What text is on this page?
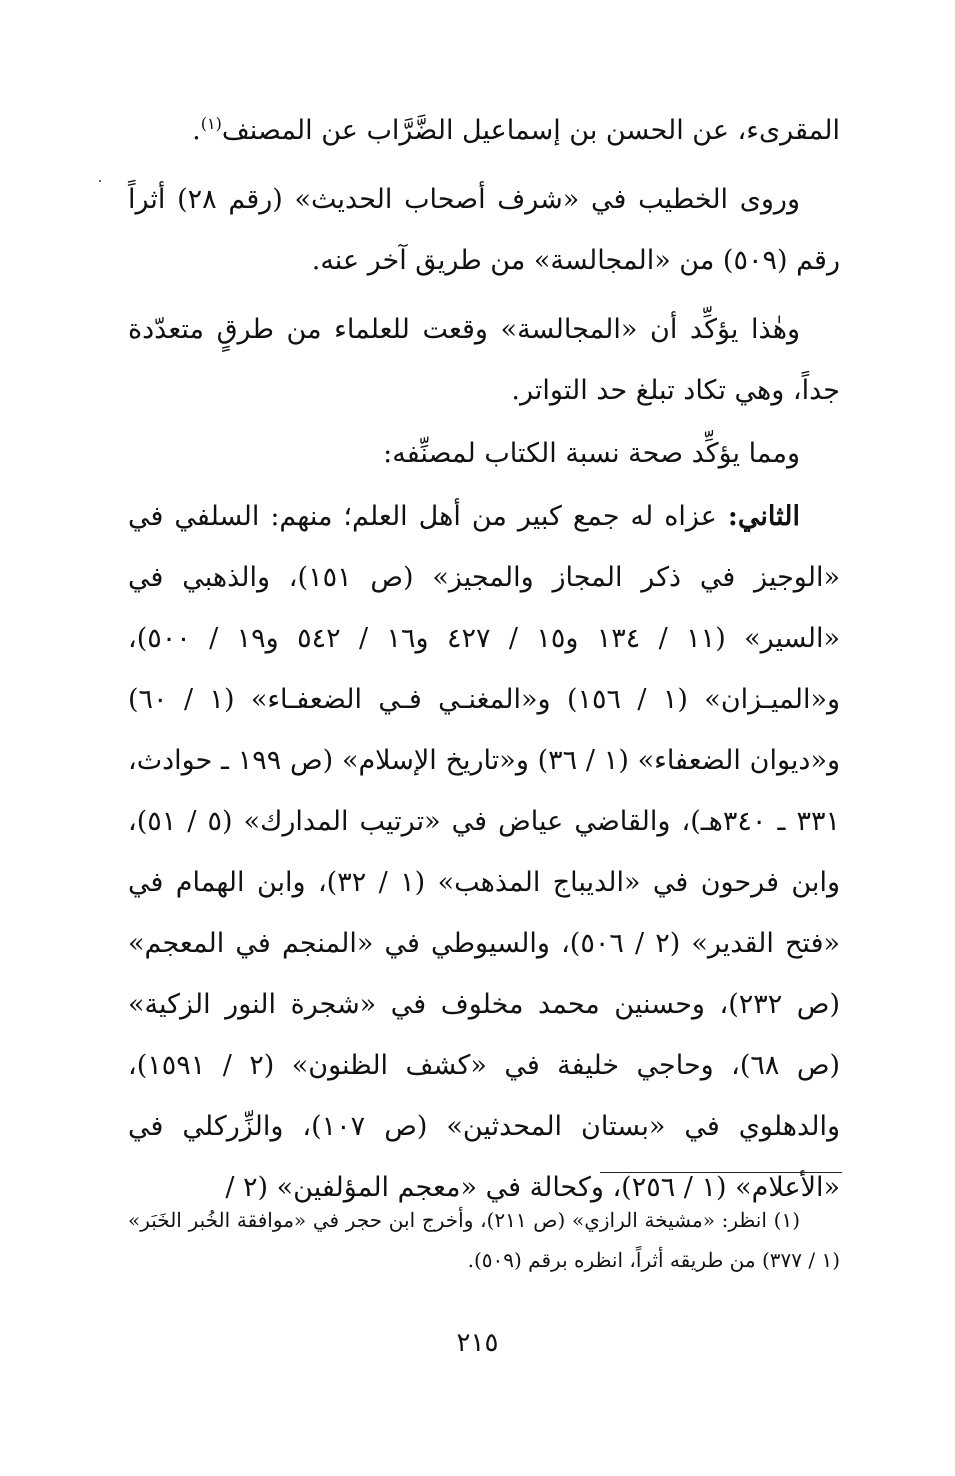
المقرىء، عن الحسن بن إسماعيل الضَّرَّاب عن المصنف$^{(١)}$.

وروى الخطيب في «شرف أصحاب الحديث» (رقم ٢٨) أثراً رقم (٥٠٩) من «المجالسة» من طريق آخر عنه.

وهٰذا يؤكِّد أن «المجالسة» وقعت للعلماء من طرقٍ متعدّدة جداً، وهي تكاد تبلغ حد التواتر.

ومما يؤكِّد صحة نسبة الكتاب لمصنِّفه:

الثاني: عزاه له جمع كبير من أهل العلم؛ منهم: السلفي في «الوجيز في ذكر المجاز والمجيز» (ص ١٥١)، والذهبي في «السير» (١١ / ١٣٤ و١٥ / ٤٢٧ و١٦ / ٥٤٢ و١٩ / ٥٠٠)، و«الميـزان» (١ / ١٥٦) و«المغنـي فـي الضعفـاء» (١ / ٦٠) و«ديوان الضعفاء» (١ / ٣٦) و«تاريخ الإسلام» (ص ١٩٩ ـ حوادث، ٣٣١ ـ ٣٤٠هـ)، والقاضي عياض في «ترتيب المدارك» (٥ / ٥١)، وابن فرحون في «الديباج المذهب» (١ / ٣٢)، وابن الهمام في «فتح القدير» (٢ / ٥٠٦)، والسيوطي في «المنجم في المعجم» (ص ٢٣٢)، وحسنين محمد مخلوف في «شجرة النور الزكية» (ص ٦٨)، وحاجي خليفة في «كشف الظنون» (٢ / ١٥٩١)، والدهلوي في «بستان المحدثين» (ص ١٠٧)، والزِّركلي في «الأعلام» (١ / ٢٥٦)، وكحالة في «معجم المؤلفين» (٢ /

(١) انظر: «مشيخة الرازي» (ص ٢١١)، وأخرج ابن حجر في «موافقة الخُبر الخَبَر» (١ / ٣٧٧) من طريقه أثراً، انظره برقم (٥٠٩).

٢١٥
